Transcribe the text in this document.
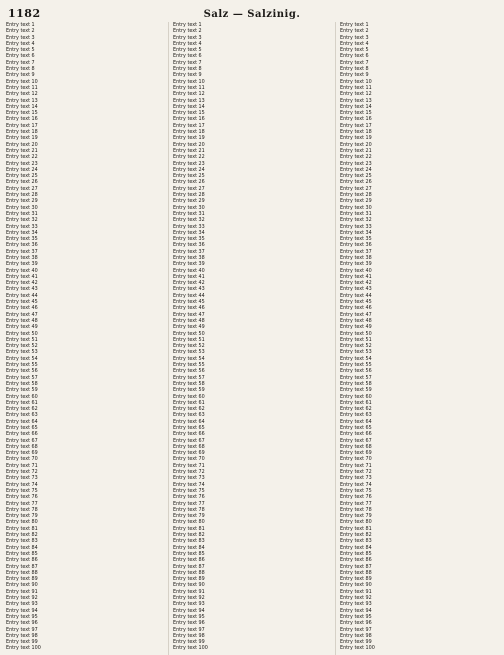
1182	Salz — Salzinig.
Entry text 1
Entry text 2
Entry text 3
Entry text 4
Entry text 5
Entry text 6
Entry text 7
Entry text 8
Entry text 9
Entry text 10
Entry text 11
Entry text 12
Entry text 13
Entry text 14
Entry text 15
Entry text 16
Entry text 17
Entry text 18
Entry text 19
Entry text 20
Entry text 21
Entry text 22
Entry text 23
Entry text 24
Entry text 25
Entry text 26
Entry text 27
Entry text 28
Entry text 29
Entry text 30
Entry text 31
Entry text 32
Entry text 33
Entry text 34
Entry text 35
Entry text 36
Entry text 37
Entry text 38
Entry text 39
Entry text 40
Entry text 41
Entry text 42
Entry text 43
Entry text 44
Entry text 45
Entry text 46
Entry text 47
Entry text 48
Entry text 49
Entry text 50
Entry text 51
Entry text 52
Entry text 53
Entry text 54
Entry text 55
Entry text 56
Entry text 57
Entry text 58
Entry text 59
Entry text 60
Entry text 61
Entry text 62
Entry text 63
Entry text 64
Entry text 65
Entry text 66
Entry text 67
Entry text 68
Entry text 69
Entry text 70
Entry text 71
Entry text 72
Entry text 73
Entry text 74
Entry text 75
Entry text 76
Entry text 77
Entry text 78
Entry text 79
Entry text 80
Entry text 81
Entry text 82
Entry text 83
Entry text 84
Entry text 85
Entry text 86
Entry text 87
Entry text 88
Entry text 89
Entry text 90
Entry text 91
Entry text 92
Entry text 93
Entry text 94
Entry text 95
Entry text 96
Entry text 97
Entry text 98
Entry text 99
Entry text 100
Entry text 1
Entry text 2
Entry text 3
Entry text 4
Entry text 5
Entry text 6
Entry text 7
Entry text 8
Entry text 9
Entry text 10
Entry text 11
Entry text 12
Entry text 13
Entry text 14
Entry text 15
Entry text 16
Entry text 17
Entry text 18
Entry text 19
Entry text 20
Entry text 21
Entry text 22
Entry text 23
Entry text 24
Entry text 25
Entry text 26
Entry text 27
Entry text 28
Entry text 29
Entry text 30
Entry text 31
Entry text 32
Entry text 33
Entry text 34
Entry text 35
Entry text 36
Entry text 37
Entry text 38
Entry text 39
Entry text 40
Entry text 41
Entry text 42
Entry text 43
Entry text 44
Entry text 45
Entry text 46
Entry text 47
Entry text 48
Entry text 49
Entry text 50
Entry text 51
Entry text 52
Entry text 53
Entry text 54
Entry text 55
Entry text 56
Entry text 57
Entry text 58
Entry text 59
Entry text 60
Entry text 61
Entry text 62
Entry text 63
Entry text 64
Entry text 65
Entry text 66
Entry text 67
Entry text 68
Entry text 69
Entry text 70
Entry text 71
Entry text 72
Entry text 73
Entry text 74
Entry text 75
Entry text 76
Entry text 77
Entry text 78
Entry text 79
Entry text 80
Entry text 81
Entry text 82
Entry text 83
Entry text 84
Entry text 85
Entry text 86
Entry text 87
Entry text 88
Entry text 89
Entry text 90
Entry text 91
Entry text 92
Entry text 93
Entry text 94
Entry text 95
Entry text 96
Entry text 97
Entry text 98
Entry text 99
Entry text 100
Entry text 1
Entry text 2
Entry text 3
Entry text 4
Entry text 5
Entry text 6
Entry text 7
Entry text 8
Entry text 9
Entry text 10
Entry text 11
Entry text 12
Entry text 13
Entry text 14
Entry text 15
Entry text 16
Entry text 17
Entry text 18
Entry text 19
Entry text 20
Entry text 21
Entry text 22
Entry text 23
Entry text 24
Entry text 25
Entry text 26
Entry text 27
Entry text 28
Entry text 29
Entry text 30
Entry text 31
Entry text 32
Entry text 33
Entry text 34
Entry text 35
Entry text 36
Entry text 37
Entry text 38
Entry text 39
Entry text 40
Entry text 41
Entry text 42
Entry text 43
Entry text 44
Entry text 45
Entry text 46
Entry text 47
Entry text 48
Entry text 49
Entry text 50
Entry text 51
Entry text 52
Entry text 53
Entry text 54
Entry text 55
Entry text 56
Entry text 57
Entry text 58
Entry text 59
Entry text 60
Entry text 61
Entry text 62
Entry text 63
Entry text 64
Entry text 65
Entry text 66
Entry text 67
Entry text 68
Entry text 69
Entry text 70
Entry text 71
Entry text 72
Entry text 73
Entry text 74
Entry text 75
Entry text 76
Entry text 77
Entry text 78
Entry text 79
Entry text 80
Entry text 81
Entry text 82
Entry text 83
Entry text 84
Entry text 85
Entry text 86
Entry text 87
Entry text 88
Entry text 89
Entry text 90
Entry text 91
Entry text 92
Entry text 93
Entry text 94
Entry text 95
Entry text 96
Entry text 97
Entry text 98
Entry text 99
Entry text 100
